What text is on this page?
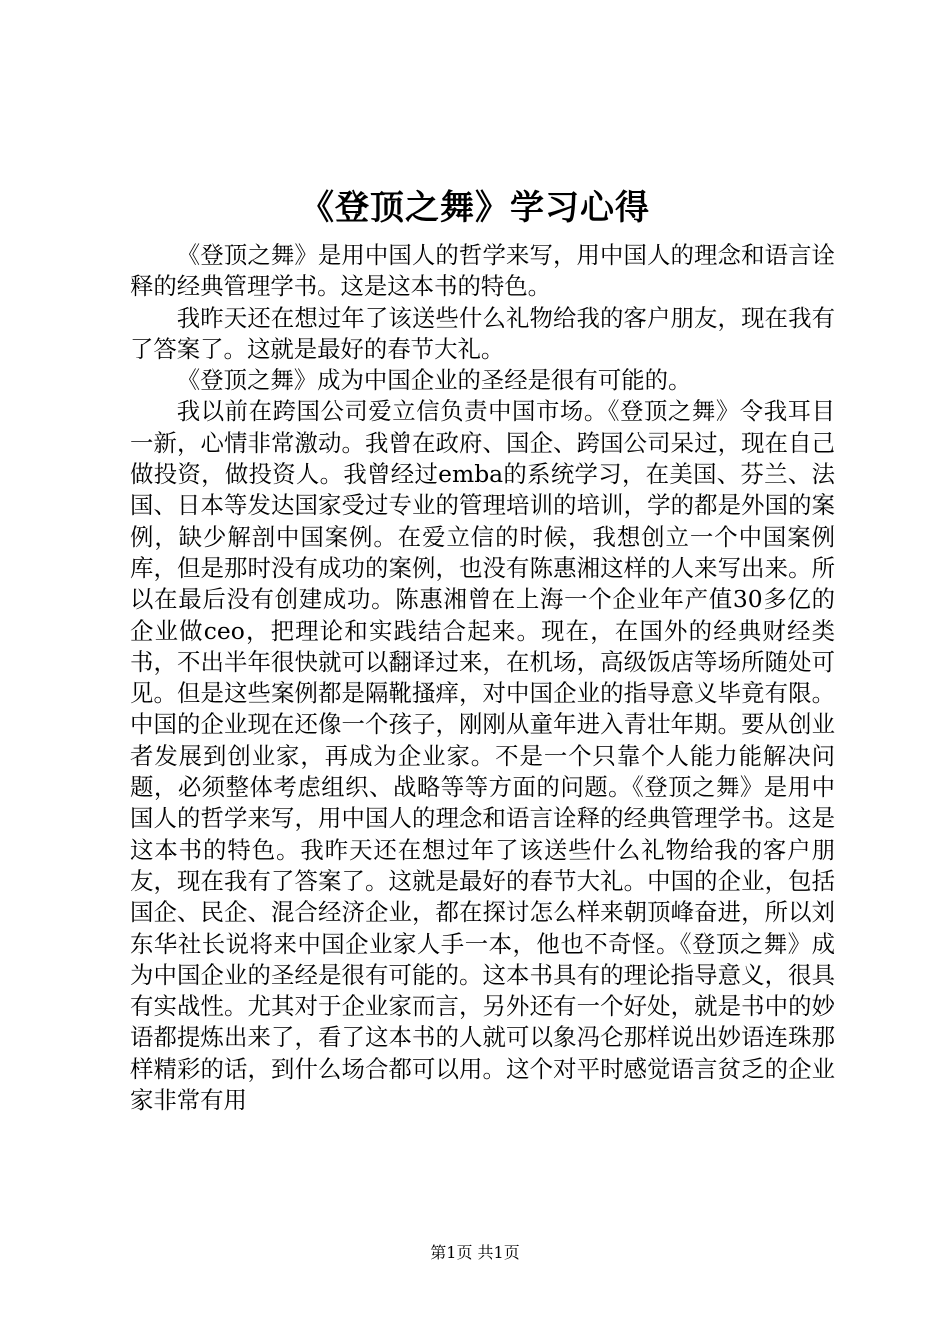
《登顶之舞》学习心得

《登顶之舞》是用中国人的哲学来写，用中国人的理念和语言诠释的经典管理学书。这是这本书的特色。

我昨天还在想过年了该送些什么礼物给我的客户朋友，现在我有了答案了。这就是最好的春节大礼。

《登顶之舞》成为中国企业的圣经是很有可能的。

我以前在跨国公司爱立信负责中国市场。《登顶之舞》令我耳目一新，心情非常激动。我曾在政府、国企、跨国公司呆过，现在自己做投资，做投资人。我曾经过emba的系统学习，在美国、芬兰、法国、日本等发达国家受过专业的管理培训的培训，学的都是外国的案例，缺少解剖中国案例。在爱立信的时候，我想创立一个中国案例库，但是那时没有成功的案例，也没有陈惠湘这样的人来写出来。所以在最后没有创建成功。陈惠湘曾在上海一个企业年产值30多亿的企业做ceo，把理论和实践结合起来。现在，在国外的经典财经类书，不出半年很快就可以翻译过来，在机场，高级饭店等场所随处可见。但是这些案例都是隔靴搔痒，对中国企业的指导意义毕竟有限。中国的企业现在还像一个孩子，刚刚从童年进入青壮年期。要从创业者发展到创业家，再成为企业家。不是一个只靠个人能力能解决问题，必须整体考虑组织、战略等等方面的问题。《登顶之舞》是用中国人的哲学来写，用中国人的理念和语言诠释的经典管理学书。这是这本书的特色。我昨天还在想过年了该送些什么礼物给我的客户朋友，现在我有了答案了。这就是最好的春节大礼。中国的企业，包括国企、民企、混合经济企业，都在探讨怎么样来朝顶峰奋进，所以刘东华社长说将来中国企业家人手一本，他也不奇怪。《登顶之舞》成为中国企业的圣经是很有可能的。这本书具有的理论指导意义，很具有实战性。尤其对于企业家而言，另外还有一个好处，就是书中的妙语都提炼出来了，看了这本书的人就可以象冯仑那样说出妙语连珠那样精彩的话，到什么场合都可以用。这个对平时感觉语言贫乏的企业家非常有用

第1页 共1页
